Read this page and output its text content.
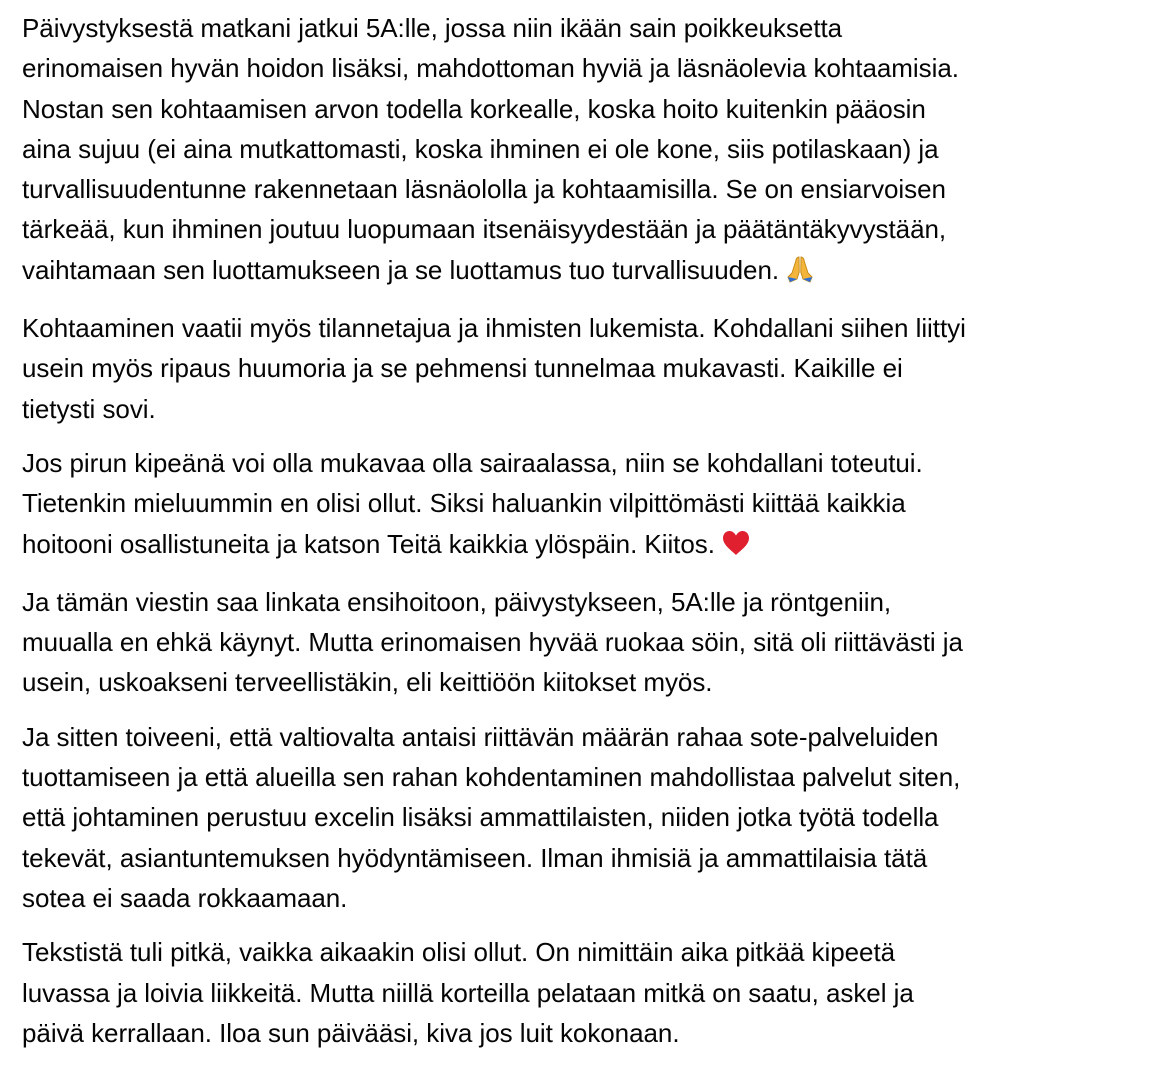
Päivystyksestä matkani jatkui 5A:lle, jossa niin ikään sain poikkeuksetta
erinomaisen hyvän hoidon lisäksi, mahdottoman hyviä ja läsnäolevia kohtaamisia.
Nostan sen kohtaamisen arvon todella korkealle, koska hoito kuitenkin pääosin
aina sujuu (ei aina mutkattomasti, koska ihminen ei ole kone, siis potilaskaan) ja
turvallisuudentunne rakennetaan läsnäololla ja kohtaamisilla. Se on ensiarvoisen
tärkeää, kun ihminen joutuu luopumaan itsenäisyydestään ja päätäntäkyvystään,
vaihtamaan sen luottamukseen ja se luottamus tuo turvallisuuden.

Kohtaaminen vaatii myös tilannetajua ja ihmisten lukemista. Kohdallani siihen liittyi
usein myös ripaus huumoria ja se pehmensi tunnelmaa mukavasti. Kaikille ei
tietysti sovi.

Jos pirun kipeänä voi olla mukavaa olla sairaalassa, niin se kohdallani toteutui.
Tietenkin mieluummin en olisi ollut. Siksi haluankin vilpittömästi kiittää kaikkia
hoitooni osallistuneita ja katson Teitä kaikkia ylöspäin. Kiitos.

Ja tämän viestin saa linkata ensihoitoon, päivystykseen, 5A:lle ja röntgeniin,
muualla en ehkä käynyt. Mutta erinomaisen hyvää ruokaa söin, sitä oli riittävästi ja
usein, uskoakseni terveellistäkin, eli keittiöön kiitokset myös.

Ja sitten toiveeni, että valtiovalta antaisi riittävän määrän rahaa sote-palveluiden
tuottamiseen ja että alueilla sen rahan kohdentaminen mahdollistaa palvelut siten,
että johtaminen perustuu excelin lisäksi ammattilaisten, niiden jotka työtä todella
tekevät, asiantuntemuksen hyödyntämiseen. Ilman ihmisiä ja ammattilaisia tätä
sotea ei saada rokkaamaan.

Tekstistä tuli pitkä, vaikka aikaakin olisi ollut. On nimittäin aika pitkää kipeetä
luvassa ja loivia liikkeitä. Mutta niillä korteilla pelataan mitkä on saatu, askel ja
päivä kerrallaan. Iloa sun päivääsi, kiva jos luit kokonaan.
